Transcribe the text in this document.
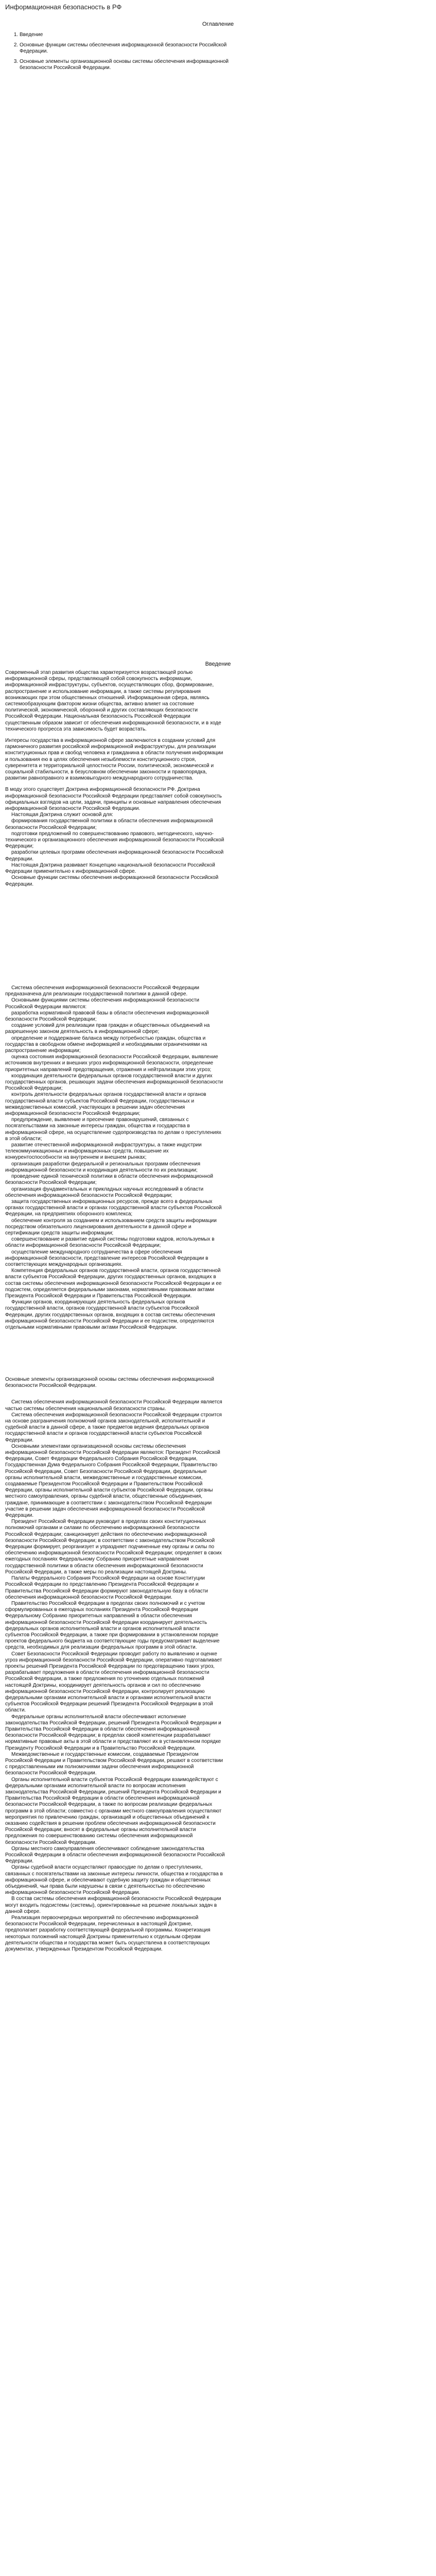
Информационная безопасность в РФ
Оглавление
1. Введение
2. Основные функции системы обеспечения информационной безопасности Российской Федерации.
3. Основные элементы организационной основы системы обеспечения информационной безопасности Российской Федерации.
Введение

Современный этап развития общества характеризуется возрастающей ролью информационной сферы, представляющей собой совокупность информации, информационной инфраструктуры, субъектов, осуществляющих сбор, формирование, распространение и использование информации, а также системы регулирования возникающих при этом общественных отношений. Информационная сфера, являясь системообразующим фактором жизни общества, активно влияет на состояние политической, экономической, оборонной и других составляющих безопасности Российской Федерации. Национальная безопасность Российской Федерации существенным образом зависит от обеспечения информационной безопасности, и в ходе технического прогресса эта зависимость будет возрастать.

Интересы государства в информационной сфере заключаются в создании условий для гармоничного развития российской информационной инфраструктуры, для реализации конституционных прав и свобод человека и гражданина в области получения информации и пользования ею в целях обеспечения незыблемости конституционного строя, суверенитета и территориальной целостности России, политической, экономической и социальной стабильности, в безусловном обеспечении законности и правопорядка, развитии равноправного и взаимовыгодного международного сотрудничества.

В моду этого существует Доктрина информационной безопасности РФ. Доктрина информационной безопасности Российской Федерации представляет собой совокупность официальных взглядов на цели, задачи, принципы и основные направления обеспечения информационной безопасности Российской Федерации.

Настоящая Доктрина служит основой для:

формирования государственной политики в области обеспечения информационной безопасности Российской Федерации;

подготовки предложений по совершенствованию правового, методического, научно-технического и организационного обеспечения информационной безопасности Российской Федерации;

разработки целевых программ обеспечения информационной безопасности Российской Федерации.

Настоящая Доктрина развивает Концепцию национальной безопасности Российской Федерации применительно к информационной сфере.

Основные функции системы обеспечения информационной безопасности Российской Федерации.

Система обеспечения информационной безопасности Российской Федерации предназначена для реализации государственной политики в данной сфере.

Основными функциями системы обеспечения информационной безопасности Российской Федерации являются:

разработка нормативной правовой базы в области обеспечения информационной безопасности Российской Федерации;

создание условий для реализации прав граждан и общественных объединений на разрешенную законом деятельность в информационной сфере;

определение и поддержание баланса между потребностью граждан, общества и государства в свободном обмене информацией и необходимыми ограничениями на распространение информации;

оценка состояния информационной безопасности Российской Федерации, выявление источников внутренних и внешних угроз информационной безопасности, определение приоритетных направлений предотвращения, отражения и нейтрализации этих угроз;

координация деятельности федеральных органов государственной власти и других государственных органов, решающих задачи обеспечения информационной безопасности Российской Федерации;

контроль деятельности федеральных органов государственной власти и органов государственной власти субъектов Российской Федерации, государственных и межведомственных комиссий, участвующих в решении задач обеспечения информационной безопасности Российской Федерации;

предупреждение, выявление и пресечение правонарушений, связанных с посягательствами на законные интересы граждан, общества и государства в информационной сфере, на осуществление судопроизводства по делам о преступлениях в этой области;

развитие отечественной информационной инфраструктуры, а также индустрии телекоммуникационных и информационных средств, повышение их конкурентоспособности на внутреннем и внешнем рынках;

организация разработки федеральной и региональных программ обеспечения информационной безопасности и координация деятельности по их реализации;

проведение единой технической политики в области обеспечения информационной безопасности Российской Федерации;

организация фундаментальных и прикладных научных исследований в области обеспечения информационной безопасности Российской Федерации;

защита государственных информационных ресурсов, прежде всего в федеральных органах государственной власти и органах государственной власти субъектов Российской Федерации, на предприятиях оборонного комплекса;

обеспечение контроля за созданием и использованием средств защиты информации посредством обязательного лицензирования деятельности в данной сфере и сертификации средств защиты информации;

совершенствование и развитие единой системы подготовки кадров, используемых в области информационной безопасности Российской Федерации;

осуществление международного сотрудничества в сфере обеспечения информационной безопасности, представление интересов Российской Федерации в соответствующих международных организациях.

Компетенция федеральных органов государственной власти, органов государственной власти субъектов Российской Федерации, других государственных органов, входящих в состав системы обеспечения информационной безопасности Российской Федерации и ее подсистем, определяется федеральными законами, нормативными правовыми актами Президента Российской Федерации и Правительства Российской Федерации.

Функции органов, координирующих деятельность федеральных органов государственной власти, органов государственной власти субъектов Российской Федерации, других государственных органов, входящих в состав системы обеспечения информационной безопасности Российской Федерации и ее подсистем, определяются отдельными нормативными правовыми актами Российской Федерации.

Основные элементы организационной основы системы обеспечения информационной безопасности Российской Федерации.

Система обеспечения информационной безопасности Российской Федерации является частью системы обеспечения национальной безопасности страны.

Система обеспечения информационной безопасности Российской Федерации строится на основе разграничения полномочий органов законодательной, исполнительной и судебной власти в данной сфере, а также предметов ведения федеральных органов государственной власти и органов государственной власти субъектов Российской Федерации.

Основными элементами организационной основы системы обеспечения информационной безопасности Российской Федерации являются: Президент Российской Федерации, Совет Федерации Федерального Собрания Российской Федерации, Государственная Дума Федерального Собрания Российской Федерации, Правительство Российской Федерации, Совет Безопасности Российской Федерации, федеральные органы исполнительной власти, межведомственные и государственные комиссии, создаваемые Президентом Российской Федерации и Правительством Российской Федерации, органы исполнительной власти субъектов Российской Федерации, органы местного самоуправления, органы судебной власти, общественные объединения, граждане, принимающие в соответствии с законодательством Российской Федерации участие в решении задач обеспечения информационной безопасности Российской Федерации.

Президент Российской Федерации руководит в пределах своих конституционных полномочий органами и силами по обеспечению информационной безопасности Российской Федерации; санкционирует действия по обеспечению информационной безопасности Российской Федерации; в соответствии с законодательством Российской Федерации формирует, реорганизует и упраздняет подчиненные ему органы и силы по обеспечению информационной безопасности Российской Федерации; определяет в своих ежегодных посланиях Федеральному Собранию приоритетные направления государственной политики в области обеспечения информационной безопасности Российской Федерации, а также меры по реализации настоящей Доктрины.

Палаты Федерального Собрания Российской Федерации на основе Конституции Российской Федерации по представлению Президента Российской Федерации и Правительства Российской Федерации формируют законодательную базу в области обеспечения информационной безопасности Российской Федерации.

Правительство Российской Федерации в пределах своих полномочий и с учетом сформулированных в ежегодных посланиях Президента Российской Федерации Федеральному Собранию приоритетных направлений в области обеспечения информационной безопасности Российской Федерации координирует деятельность федеральных органов исполнительной власти и органов исполнительной власти субъектов Российской Федерации, а также при формировании в установленном порядке проектов федерального бюджета на соответствующие годы предусматривает выделение средств, необходимых для реализации федеральных программ в этой области.

Совет Безопасности Российской Федерации проводит работу по выявлению и оценке угроз информационной безопасности Российской Федерации, оперативно подготавливает проекты решений Президента Российской Федерации по предотвращению таких угроз, разрабатывает предложения в области обеспечения информационной безопасности Российской Федерации, а также предложения по уточнению отдельных положений настоящей Доктрины, координирует деятельность органов и сил по обеспечению информационной безопасности Российской Федерации, контролирует реализацию федеральными органами исполнительной власти и органами исполнительной власти субъектов Российской Федерации решений Президента Российской Федерации в этой области.

Федеральные органы исполнительной власти обеспечивают исполнение законодательства Российской Федерации, решений Президента Российской Федерации и Правительства Российской Федерации в области обеспечения информационной безопасности Российской Федерации; в пределах своей компетенции разрабатывают нормативные правовые акты в этой области и представляют их в установленном порядке Президенту Российской Федерации и в Правительство Российской Федерации.

Межведомственные и государственные комиссии, создаваемые Президентом Российской Федерации и Правительством Российской Федерации, решают в соответствии с предоставленными им полномочиями задачи обеспечения информационной безопасности Российской Федерации.

Органы исполнительной власти субъектов Российской Федерации взаимодействуют с федеральными органами исполнительной власти по вопросам исполнения законодательства Российской Федерации, решений Президента Российской Федерации и Правительства Российской Федерации в области обеспечения информационной безопасности Российской Федерации, а также по вопросам реализации федеральных программ в этой области; совместно с органами местного самоуправления осуществляют мероприятия по привлечению граждан, организаций и общественных объединений к оказанию содействия в решении проблем обеспечения информационной безопасности Российской Федерации; вносят в федеральные органы исполнительной власти предложения по совершенствованию системы обеспечения информационной безопасности Российской Федерации.

Органы местного самоуправления обеспечивают соблюдение законодательства Российской Федерации в области обеспечения информационной безопасности Российской Федерации.

Органы судебной власти осуществляют правосудие по делам о преступлениях, связанных с посягательствами на законные интересы личности, общества и государства в информационной сфере, и обеспечивают судебную защиту граждан и общественных объединений, чьи права были нарушены в связи с деятельностью по обеспечению информационной безопасности Российской Федерации.

В состав системы обеспечения информационной безопасности Российской Федерации могут входить подсистемы (системы), ориентированные на решение локальных задач в данной сфере.

Реализация первоочередных мероприятий по обеспечению информационной безопасности Российской Федерации, перечисленных в настоящей Доктрине, предполагает разработку соответствующей федеральной программы. Конкретизация некоторых положений настоящей Доктрины применительно к отдельным сферам деятельности общества и государства может быть осуществлена в соответствующих документах, утвержденных Президентом Российской Федерации.
